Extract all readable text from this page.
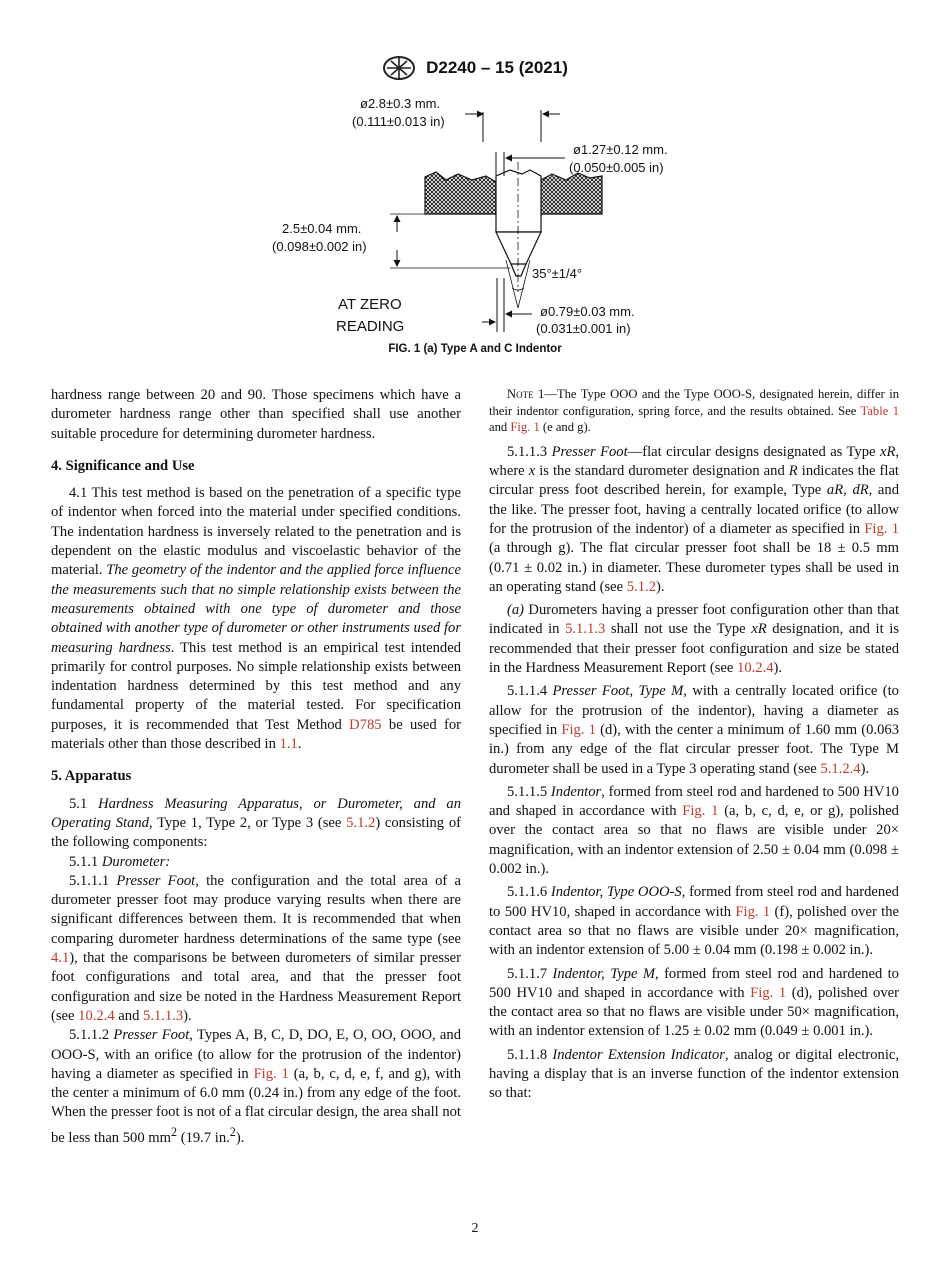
D2240 – 15 (2021)
ø2.8±0.3 mm.
(0.111±0.013 in)
ø1.27±0.12 mm.
(0.050±0.005 in)
2.5±0.04 mm.
(0.098±0.002 in)
35°±1/4°
AT ZERO
READING
ø0.79±0.03 mm.
(0.031±0.001 in)
FIG. 1 (a) Type A and C Indentor

hardness range between 20 and 90. Those specimens which have a durometer hardness range other than specified shall use another suitable procedure for determining durometer hardness.

4. Significance and Use

4.1 This test method is based on the penetration of a specific type of indentor when forced into the material under specified conditions. The indentation hardness is inversely related to the penetration and is dependent on the elastic modulus and viscoelastic behavior of the material. The geometry of the indentor and the applied force influence the measurements such that no simple relationship exists between the measurements obtained with one type of durometer and those obtained with another type of durometer or other instruments used for measuring hardness. This test method is an empirical test intended primarily for control purposes. No simple relationship exists between indentation hardness determined by this test method and any fundamental property of the material tested. For specification purposes, it is recommended that Test Method D785 be used for materials other than those described in 1.1.

5. Apparatus

5.1 Hardness Measuring Apparatus, or Durometer, and an Operating Stand, Type 1, Type 2, or Type 3 (see 5.1.2) consisting of the following components:

5.1.1 Durometer:

5.1.1.1 Presser Foot, the configuration and the total area of a durometer presser foot may produce varying results when there are significant differences between them. It is recommended that when comparing durometer hardness determinations of the same type (see 4.1), that the comparisons be between durometers of similar presser foot configurations and total area, and that the presser foot configuration and size be noted in the Hardness Measurement Report (see 10.2.4 and 5.1.1.3).

5.1.1.2 Presser Foot, Types A, B, C, D, DO, E, O, OO, OOO, and OOO-S, with an orifice (to allow for the protrusion of the indentor) having a diameter as specified in Fig. 1 (a, b, c, d, e, f, and g), with the center a minimum of 6.0 mm (0.24 in.) from any edge of the foot. When the presser foot is not of a flat circular design, the area shall not be less than 500 $mm^2$ (19.7 in.$^2$).

Note 1—The Type OOO and the Type OOO-S, designated herein, differ in their indentor configuration, spring force, and the results obtained. See Table 1 and Fig. 1 (e and g).

5.1.1.3 Presser Foot—flat circular designs designated as Type xR, where x is the standard durometer designation and R indicates the flat circular press foot described herein, for example, Type aR, dR, and the like. The presser foot, having a centrally located orifice (to allow for the protrusion of the indentor) of a diameter as specified in Fig. 1 (a through g). The flat circular presser foot shall be 18 ± 0.5 mm (0.71 ± 0.02 in.) in diameter. These durometer types shall be used in an operating stand (see 5.1.2).

(a) Durometers having a presser foot configuration other than that indicated in 5.1.1.3 shall not use the Type xR designation, and it is recommended that their presser foot configuration and size be stated in the Hardness Measurement Report (see 10.2.4).

5.1.1.4 Presser Foot, Type M, with a centrally located orifice (to allow for the protrusion of the indentor), having a diameter as specified in Fig. 1 (d), with the center a minimum of 1.60 mm (0.063 in.) from any edge of the flat circular presser foot. The Type M durometer shall be used in a Type 3 operating stand (see 5.1.2.4).

5.1.1.5 Indentor, formed from steel rod and hardened to 500 HV10 and shaped in accordance with Fig. 1 (a, b, c, d, e, or g), polished over the contact area so that no flaws are visible under 20× magnification, with an indentor extension of 2.50 ± 0.04 mm (0.098 ± 0.002 in.).

5.1.1.6 Indentor, Type OOO-S, formed from steel rod and hardened to 500 HV10, shaped in accordance with Fig. 1 (f), polished over the contact area so that no flaws are visible under 20× magnification, with an indentor extension of 5.00 ± 0.04 mm (0.198 ± 0.002 in.).

5.1.1.7 Indentor, Type M, formed from steel rod and hardened to 500 HV10 and shaped in accordance with Fig. 1 (d), polished over the contact area so that no flaws are visible under 50× magnification, with an indentor extension of 1.25 ± 0.02 mm (0.049 ± 0.001 in.).

5.1.1.8 Indentor Extension Indicator, analog or digital electronic, having a display that is an inverse function of the indentor extension so that:

2
